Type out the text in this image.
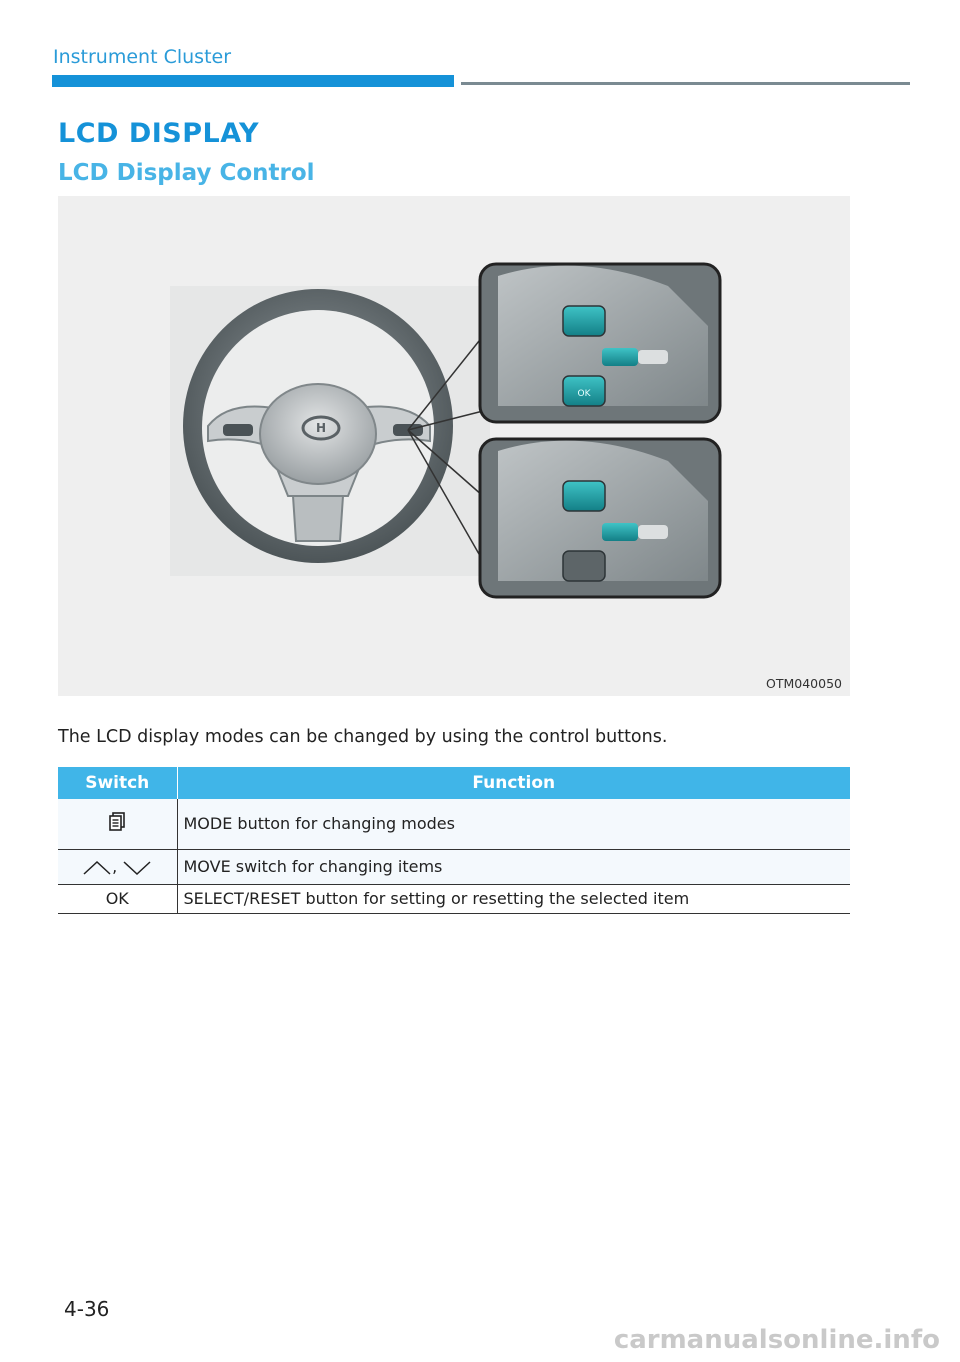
Instrument Cluster
LCD DISPLAY
LCD Display Control
H
OK
OTM040050
The LCD display modes can be changed by using the control buttons.
Switch	Function
	MODE button for changing modes
,	MOVE switch for changing items
OK	SELECT/RESET button for setting or resetting the selected item
4-36
carmanualsonline.info
